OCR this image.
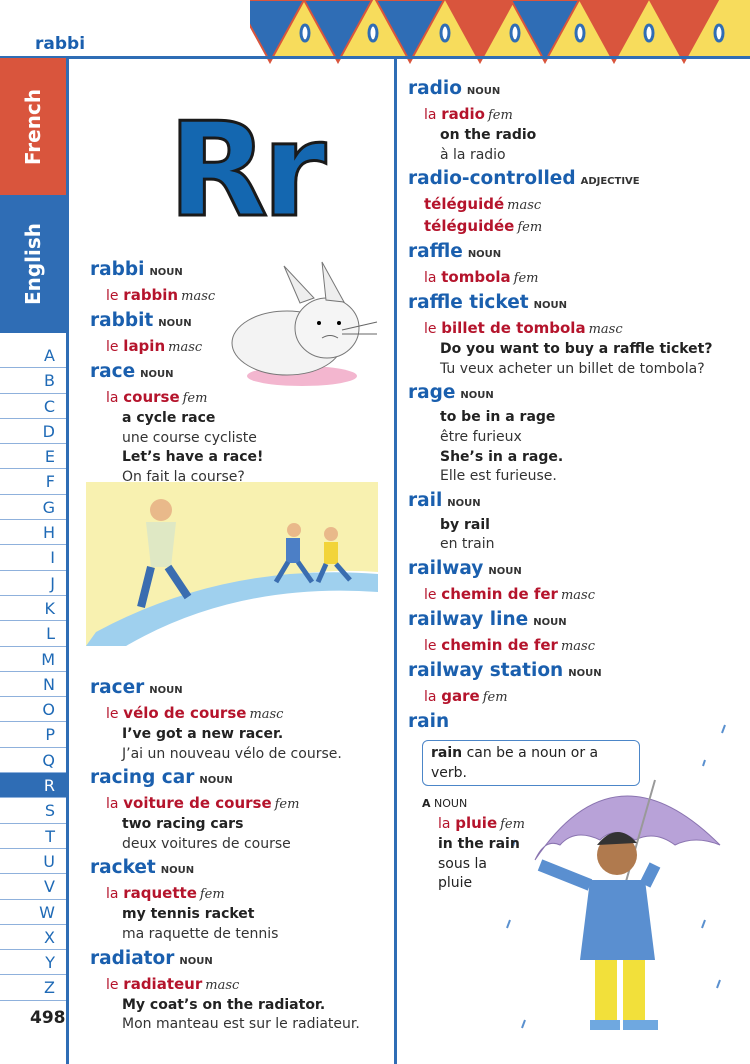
rabbi
French
English
A
B
C
D
E
F
G
H
I
J
K
L
M
N
O
P
Q
R
S
T
U
V
W
X
Y
Z
498
Rr
rabbi NOUN
le rabbin masc
rabbit NOUN
le lapin masc
race NOUN
la course fem
a cycle race
une course cycliste
Let’s have a race!
On fait la course?
racer NOUN
le vélo de course masc
I’ve got a new racer.
J’ai un nouveau vélo de course.
racing car NOUN
la voiture de course fem
two racing cars
deux voitures de course
racket NOUN
la raquette fem
my tennis racket
ma raquette de tennis
radiator NOUN
le radiateur masc
My coat’s on the radiator.
Mon manteau est sur le radiateur.
radio NOUN
la radio fem
on the radio
à la radio
radio-controlled ADJECTIVE
téléguidé masc
téléguidée fem
raffle NOUN
la tombola fem
raffle ticket NOUN
le billet de tombola masc
Do you want to buy a raffle ticket?
Tu veux acheter un billet de tombola?
rage NOUN
to be in a rage
être furieux
She’s in a rage.
Elle est furieuse.
rail NOUN
by rail
en train
railway NOUN
le chemin de fer masc
railway line NOUN
le chemin de fer masc
railway station NOUN
la gare fem
rain
rain can be a noun or a verb.
A NOUN
la pluie fem
in the rain
sous la
pluie
